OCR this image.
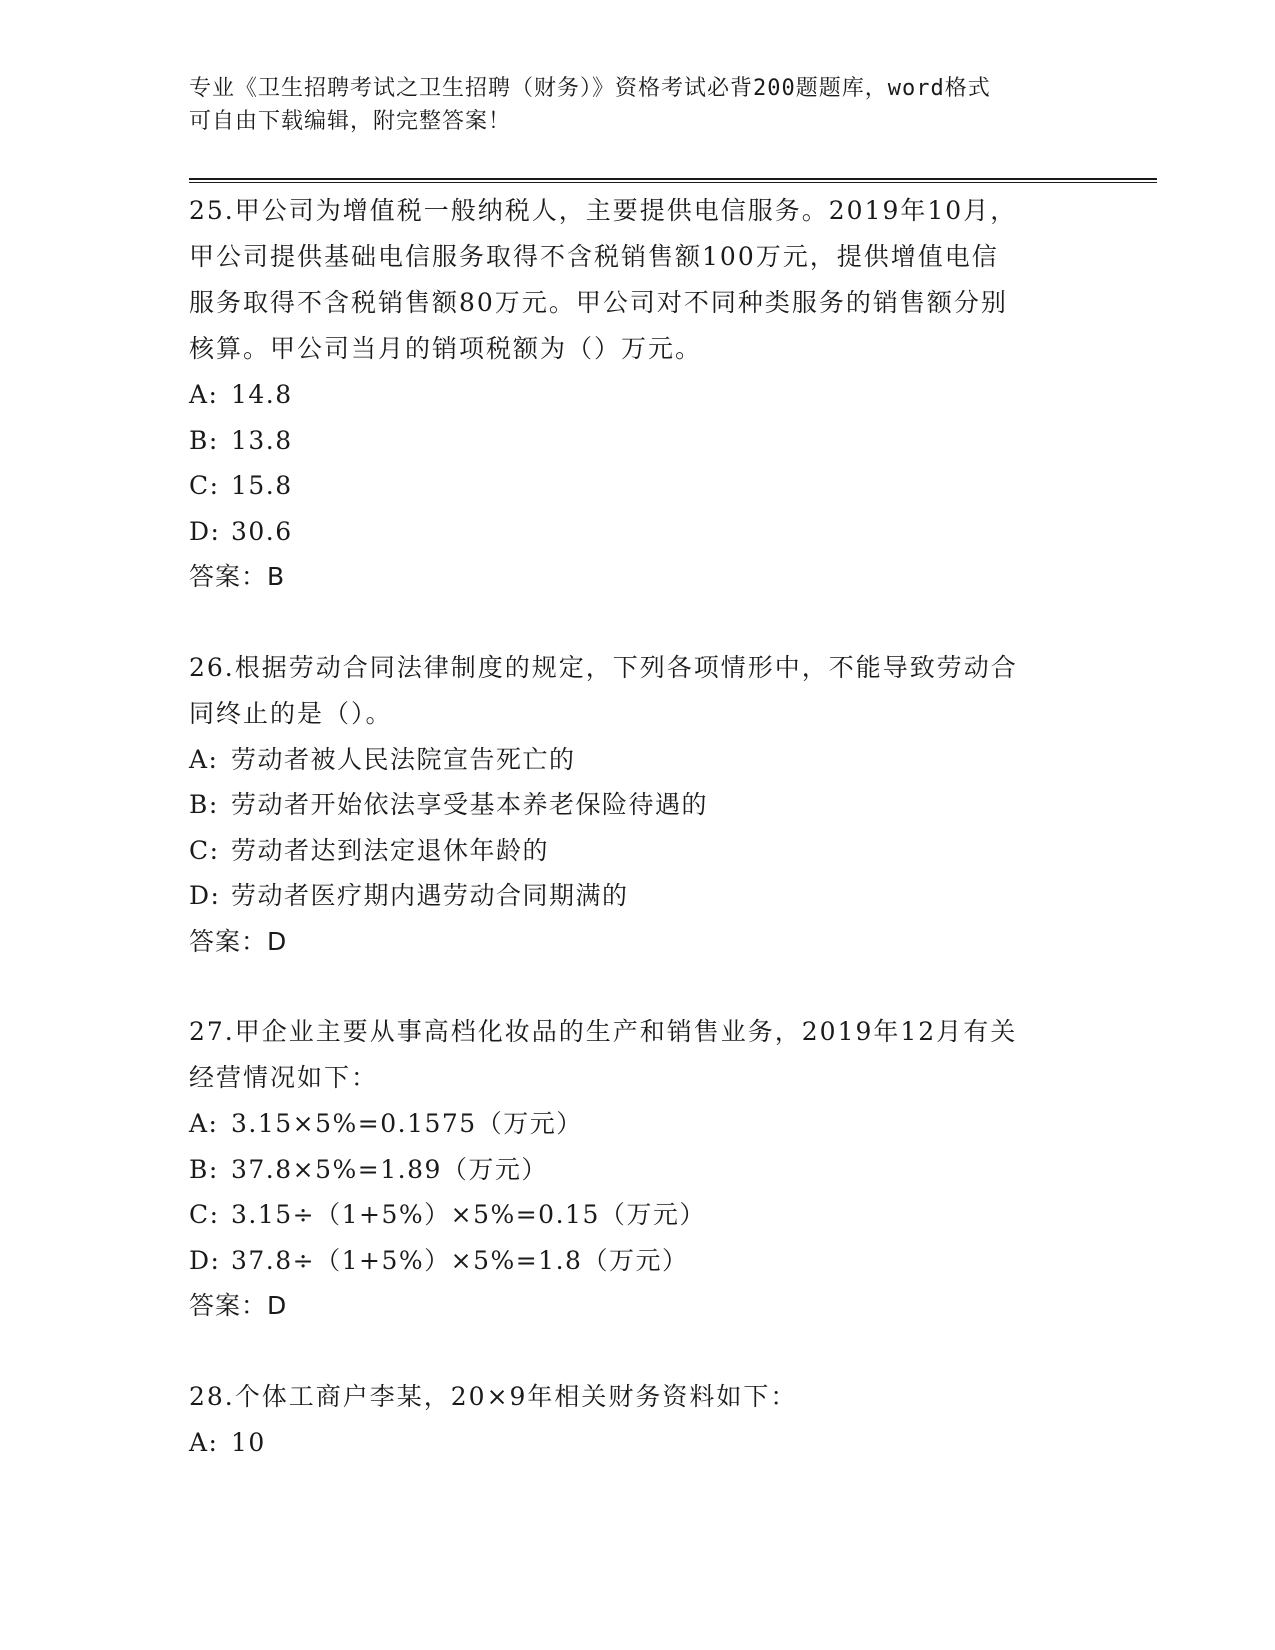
专业《卫生招聘考试之卫生招聘（财务）》资格考试必背200题题库，word格式
可自由下载编辑，附完整答案！
25.甲公司为增值税一般纳税人，主要提供电信服务。2019年10月，
甲公司提供基础电信服务取得不含税销售额100万元，提供增值电信
服务取得不含税销售额80万元。甲公司对不同种类服务的销售额分别
核算。甲公司当月的销项税额为（）万元。
A: 14.8
B: 13.8
C: 15.8
D: 30.6
答案：B
26.根据劳动合同法律制度的规定，下列各项情形中，不能导致劳动合
同终止的是（）。
A: 劳动者被人民法院宣告死亡的
B: 劳动者开始依法享受基本养老保险待遇的
C: 劳动者达到法定退休年龄的
D: 劳动者医疗期内遇劳动合同期满的
答案：D
27.甲企业主要从事高档化妆品的生产和销售业务，2019年12月有关
经营情况如下：
A: 3.15×5%=0.1575（万元）
B: 37.8×5%=1.89（万元）
C: 3.15÷（1+5%）×5%=0.15（万元）
D: 37.8÷（1+5%）×5%=1.8（万元）
答案：D
28.个体工商户李某，20×9年相关财务资料如下：
A: 10
